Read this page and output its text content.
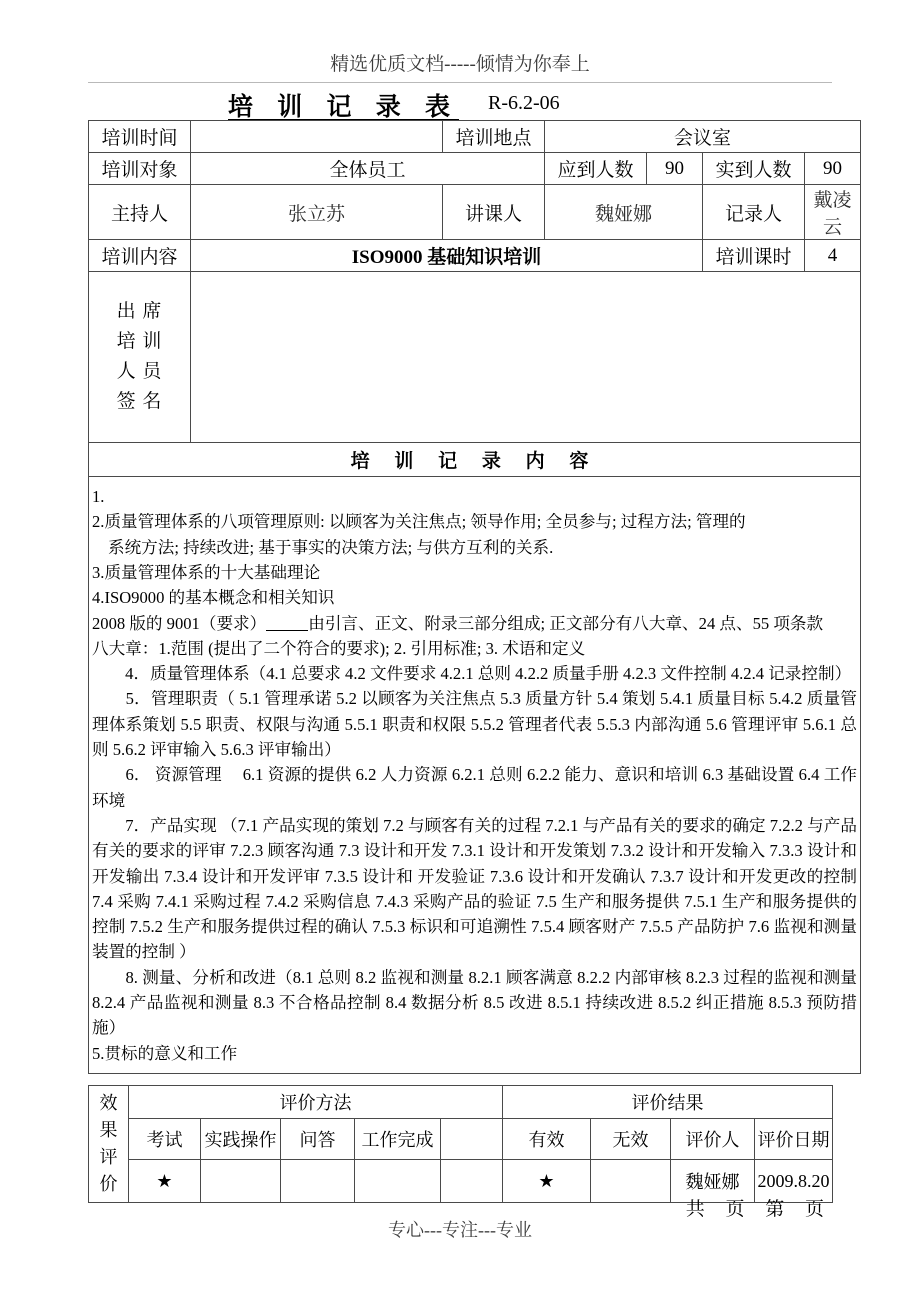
精选优质文档-----倾情为你奉上
培 训 记 录 表 R-6.2-06
培训时间		培训地点	会议室			
培训对象	全体员工		应到人数	90	实到人数	90
主持人	张立苏	讲课人	魏娅娜		记录人	戴凌云
培训内容	ISO9000 基础知识培训				培训课时	4

出 席
培 训
人 员
签 名						

培 训 记 录 内 容						

1.

2.质量管理体系的八项管理原则: 以顾客为关注焦点; 领导作用; 全员参与; 过程方法; 管理的
系统方法; 持续改进; 基于事实的决策方法; 与供方互利的关系.

3.质量管理体系的十大基础理论

4.ISO9000 的基本概念和相关知识

2008 版的 9001（要求）	由引言、正文、附录三部分组成; 正文部分有八大章、24 点、55 项条款

八大章：1.范围 (提出了二个符合的要求); 2. 引用标准; 3. 术语和定义

　　4．质量管理体系（4.1 总要求 4.2 文件要求 4.2.1 总则 4.2.2 质量手册 4.2.3 文件控制 4.2.4 记录控制）

　　5．管理职责（ 5.1 管理承诺 5.2 以顾客为关注焦点 5.3 质量方针 5.4 策划 5.4.1 质量目标 5.4.2 质量管理体系策划 5.5 职责、权限与沟通 5.5.1 职责和权限 5.5.2 管理者代表 5.5.3 内部沟通 5.6 管理评审 5.6.1 总则 5.6.2 评审输入 5.6.3 评审输出）

　　6． 资源管理　 6.1 资源的提供 6.2 人力资源 6.2.1 总则 6.2.2 能力、意识和培训 6.3 基础设置 6.4 工作环境

　　7．产品实现 （7.1 产品实现的策划 7.2 与顾客有关的过程 7.2.1 与产品有关的要求的确定 7.2.2 与产品有关的要求的评审 7.2.3 顾客沟通 7.3 设计和开发 7.3.1 设计和开发策划 7.3.2 设计和开发输入 7.3.3 设计和开发输出 7.3.4 设计和开发评审 7.3.5 设计和 开发验证 7.3.6 设计和开发确认 7.3.7 设计和开发更改的控制 7.4 采购 7.4.1 采购过程 7.4.2 采购信息 7.4.3 采购产品的验证 7.5 生产和服务提供 7.5.1 生产和服务提供的控制 7.5.2 生产和服务提供过程的确认 7.5.3 标识和可追溯性 7.5.4 顾客财产 7.5.5 产品防护 7.6 监视和测量装置的控制 ）

　　8. 测量、分析和改进（8.1 总则 8.2 监视和测量 8.2.1 顾客满意 8.2.2 内部审核 8.2.3 过程的监视和测量 8.2.4 产品监视和测量 8.3 不合格品控制 8.4 数据分析 8.5 改进 8.5.1 持续改进 8.5.2 纠正措施 8.5.3 预防措施）

5.贯标的意义和工作

效
果
评
价	评价方法					评价结果			
	考试	实践操作	问答	工作完成		有效	无效	评价人	评价日期
	★					★		魏娅娜	2009.8.20
共 页 第 页
专心---专注---专业
